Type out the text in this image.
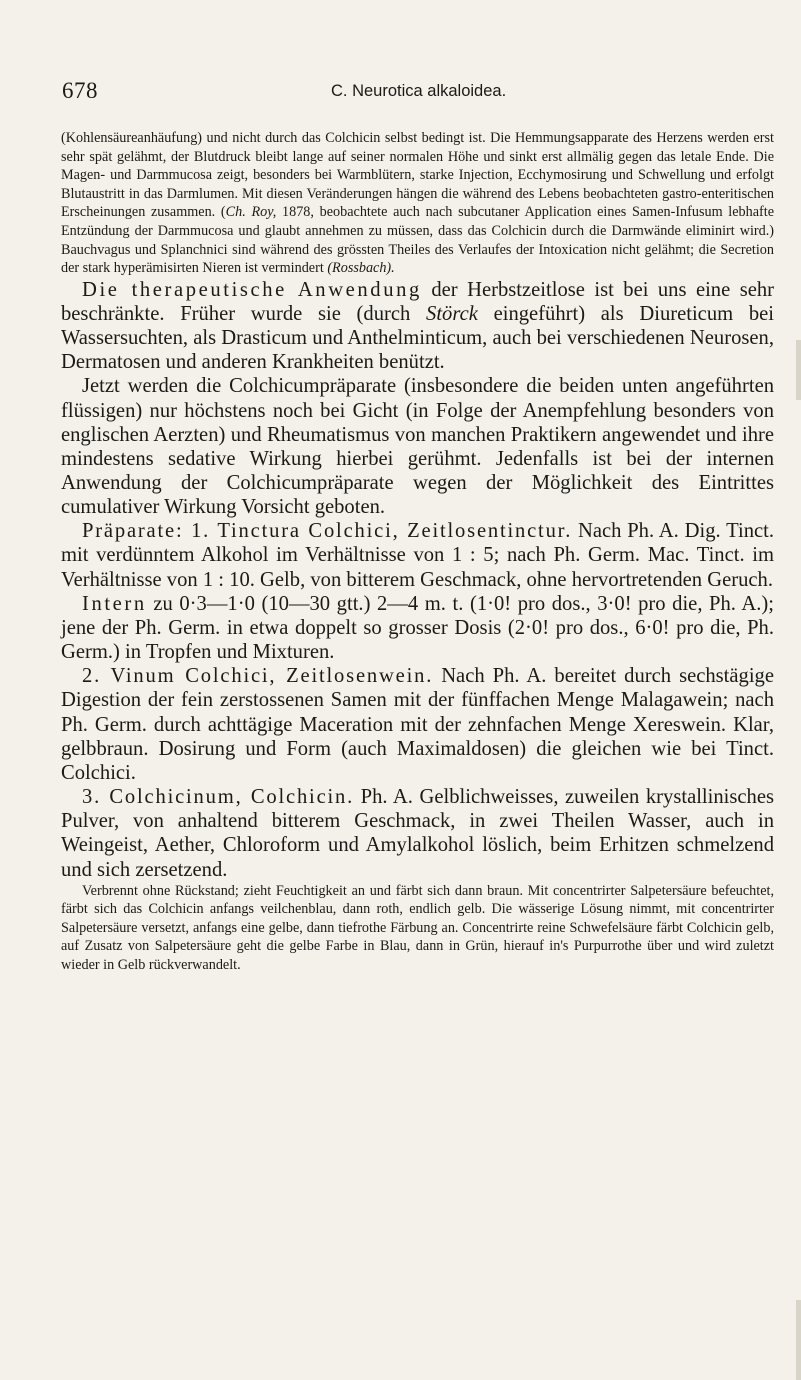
678	C. Neurotica alkaloidea.

(Kohlensäureanhäufung) und nicht durch das Colchicin selbst bedingt ist. Die Hemmungsapparate des Herzens werden erst sehr spät gelähmt, der Blutdruck bleibt lange auf seiner normalen Höhe und sinkt erst allmälig gegen das letale Ende. Die Magen- und Darmmucosa zeigt, besonders bei Warmblütern, starke Injection, Ecchymosirung und Schwellung und erfolgt Blutaustritt in das Darmlumen. Mit diesen Veränderungen hängen die während des Lebens beobachteten gastro-enteritischen Erscheinungen zusammen. (Ch. Roy, 1878, beobachtete auch nach subcutaner Application eines Samen-Infusum lebhafte Entzündung der Darmmucosa und glaubt annehmen zu müssen, dass das Colchicin durch die Darmwände eliminirt wird.) Bauchvagus und Splanchnici sind während des grössten Theiles des Verlaufes der Intoxication nicht gelähmt; die Secretion der stark hyperämisirten Nieren ist vermindert (Rossbach).

Die therapeutische Anwendung der Herbstzeitlose ist bei uns eine sehr beschränkte. Früher wurde sie (durch Störck eingeführt) als Diureticum bei Wassersuchten, als Drasticum und Anthelminticum, auch bei verschiedenen Neurosen, Dermatosen und anderen Krankheiten benützt.

Jetzt werden die Colchicumpräparate (insbesondere die beiden unten angeführten flüssigen) nur höchstens noch bei Gicht (in Folge der Anempfehlung besonders von englischen Aerzten) und Rheumatismus von manchen Praktikern angewendet und ihre mindestens sedative Wirkung hierbei gerühmt. Jedenfalls ist bei der internen Anwendung der Colchicumpräparate wegen der Möglichkeit des Eintrittes cumulativer Wirkung Vorsicht geboten.

Präparate: 1. Tinctura Colchici, Zeitlosentinctur. Nach Ph. A. Dig. Tinct. mit verdünntem Alkohol im Verhältnisse von 1 : 5; nach Ph. Germ. Mac. Tinct. im Verhältnisse von 1 : 10. Gelb, von bitterem Geschmack, ohne hervortretenden Geruch.

Intern zu 0·3—1·0 (10—30 gtt.) 2—4 m. t. (1·0! pro dos., 3·0! pro die, Ph. A.); jene der Ph. Germ. in etwa doppelt so grosser Dosis (2·0! pro dos., 6·0! pro die, Ph. Germ.) in Tropfen und Mixturen.

2. Vinum Colchici, Zeitlosenwein. Nach Ph. A. bereitet durch sechstägige Digestion der fein zerstossenen Samen mit der fünffachen Menge Malagawein; nach Ph. Germ. durch achttägige Maceration mit der zehnfachen Menge Xereswein. Klar, gelbbraun. Dosirung und Form (auch Maximaldosen) die gleichen wie bei Tinct. Colchici.

3. Colchicinum, Colchicin. Ph. A. Gelblichweisses, zuweilen krystallinisches Pulver, von anhaltend bitterem Geschmack, in zwei Theilen Wasser, auch in Weingeist, Aether, Chloroform und Amylalkohol löslich, beim Erhitzen schmelzend und sich zersetzend.

Verbrennt ohne Rückstand; zieht Feuchtigkeit an und färbt sich dann braun. Mit concentrirter Salpetersäure befeuchtet, färbt sich das Colchicin anfangs veilchenblau, dann roth, endlich gelb. Die wässerige Lösung nimmt, mit concentrirter Salpetersäure versetzt, anfangs eine gelbe, dann tiefrothe Färbung an. Concentrirte reine Schwefelsäure färbt Colchicin gelb, auf Zusatz von Salpetersäure geht die gelbe Farbe in Blau, dann in Grün, hierauf in's Purpurrothe über und wird zuletzt wieder in Gelb rückverwandelt.
